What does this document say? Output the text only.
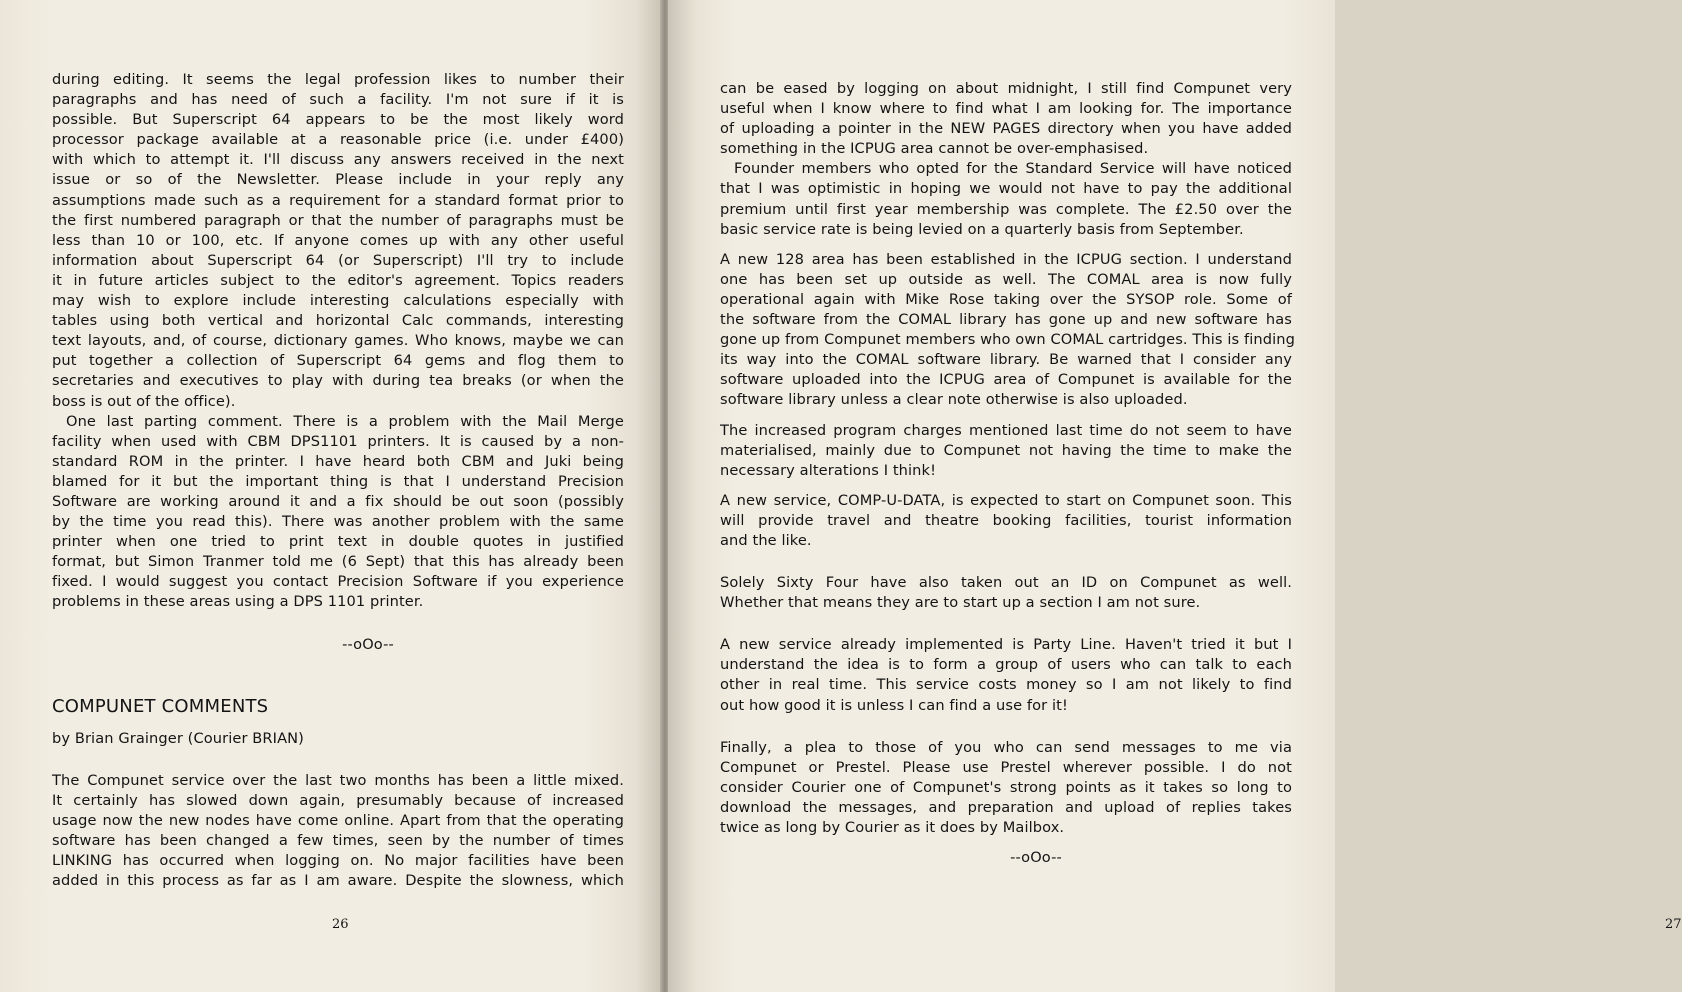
during editing. It seems the legal profession likes to number their
paragraphs and has need of such a facility. I'm not sure if it is
possible. But Superscript 64 appears to be the most likely word
processor package available at a reasonable price (i.e. under £400)
with which to attempt it. I'll discuss any answers received in the next
issue or so of the Newsletter. Please include in your reply any
assumptions made such as a requirement for a standard format prior to
the first numbered paragraph or that the number of paragraphs must be
less than 10 or 100, etc. If anyone comes up with any other useful
information about Superscript 64 (or Superscript) I'll try to include
it in future articles subject to the editor's agreement. Topics readers
may wish to explore include interesting calculations especially with
tables using both vertical and horizontal Calc commands, interesting
text layouts, and, of course, dictionary games. Who knows, maybe we can
put together a collection of Superscript 64 gems and flog them to
secretaries and executives to play with during tea breaks (or when the
boss is out of the office).
One last parting comment. There is a problem with the Mail Merge
facility when used with CBM DPS1101 printers. It is caused by a non-
standard ROM in the printer. I have heard both CBM and Juki being
blamed for it but the important thing is that I understand Precision
Software are working around it and a fix should be out soon (possibly
by the time you read this). There was another problem with the same
printer when one tried to print text in double quotes in justified
format, but Simon Tranmer told me (6 Sept) that this has already been
fixed. I would suggest you contact Precision Software if you experience
problems in these areas using a DPS 1101 printer.
--oOo--
COMPUNET COMMENTS
by Brian Grainger (Courier BRIAN)
The Compunet service over the last two months has been a little mixed.
It certainly has slowed down again, presumably because of increased
usage now the new nodes have come online. Apart from that the operating
software has been changed a few times, seen by the number of times
LINKING has occurred when logging on. No major facilities have been
added in this process as far as I am aware. Despite the slowness, which
26	27
can be eased by logging on about midnight, I still find Compunet very
useful when I know where to find what I am looking for. The importance
of uploading a pointer in the NEW PAGES directory when you have added
something in the ICPUG area cannot be over-emphasised.
Founder members who opted for the Standard Service will have noticed
that I was optimistic in hoping we would not have to pay the additional
premium until first year membership was complete. The £2.50 over the
basic service rate is being levied on a quarterly basis from September.
A new 128 area has been established in the ICPUG section. I understand
one has been set up outside as well. The COMAL area is now fully
operational again with Mike Rose taking over the SYSOP role. Some of
the software from the COMAL library has gone up and new software has
gone up from Compunet members who own COMAL cartridges. This is finding
its way into the COMAL software library. Be warned that I consider any
software uploaded into the ICPUG area of Compunet is available for the
software library unless a clear note otherwise is also uploaded.
The increased program charges mentioned last time do not seem to have
materialised, mainly due to Compunet not having the time to make the
necessary alterations I think!
A new service, COMP-U-DATA, is expected to start on Compunet soon. This
will provide travel and theatre booking facilities, tourist information
and the like.
Solely Sixty Four have also taken out an ID on Compunet as well.
Whether that means they are to start up a section I am not sure.
A new service already implemented is Party Line. Haven't tried it but I
understand the idea is to form a group of users who can talk to each
other in real time. This service costs money so I am not likely to find
out how good it is unless I can find a use for it!
Finally, a plea to those of you who can send messages to me via
Compunet or Prestel. Please use Prestel wherever possible. I do not
consider Courier one of Compunet's strong points as it takes so long to
download the messages, and preparation and upload of replies takes
twice as long by Courier as it does by Mailbox.
--oOo--
